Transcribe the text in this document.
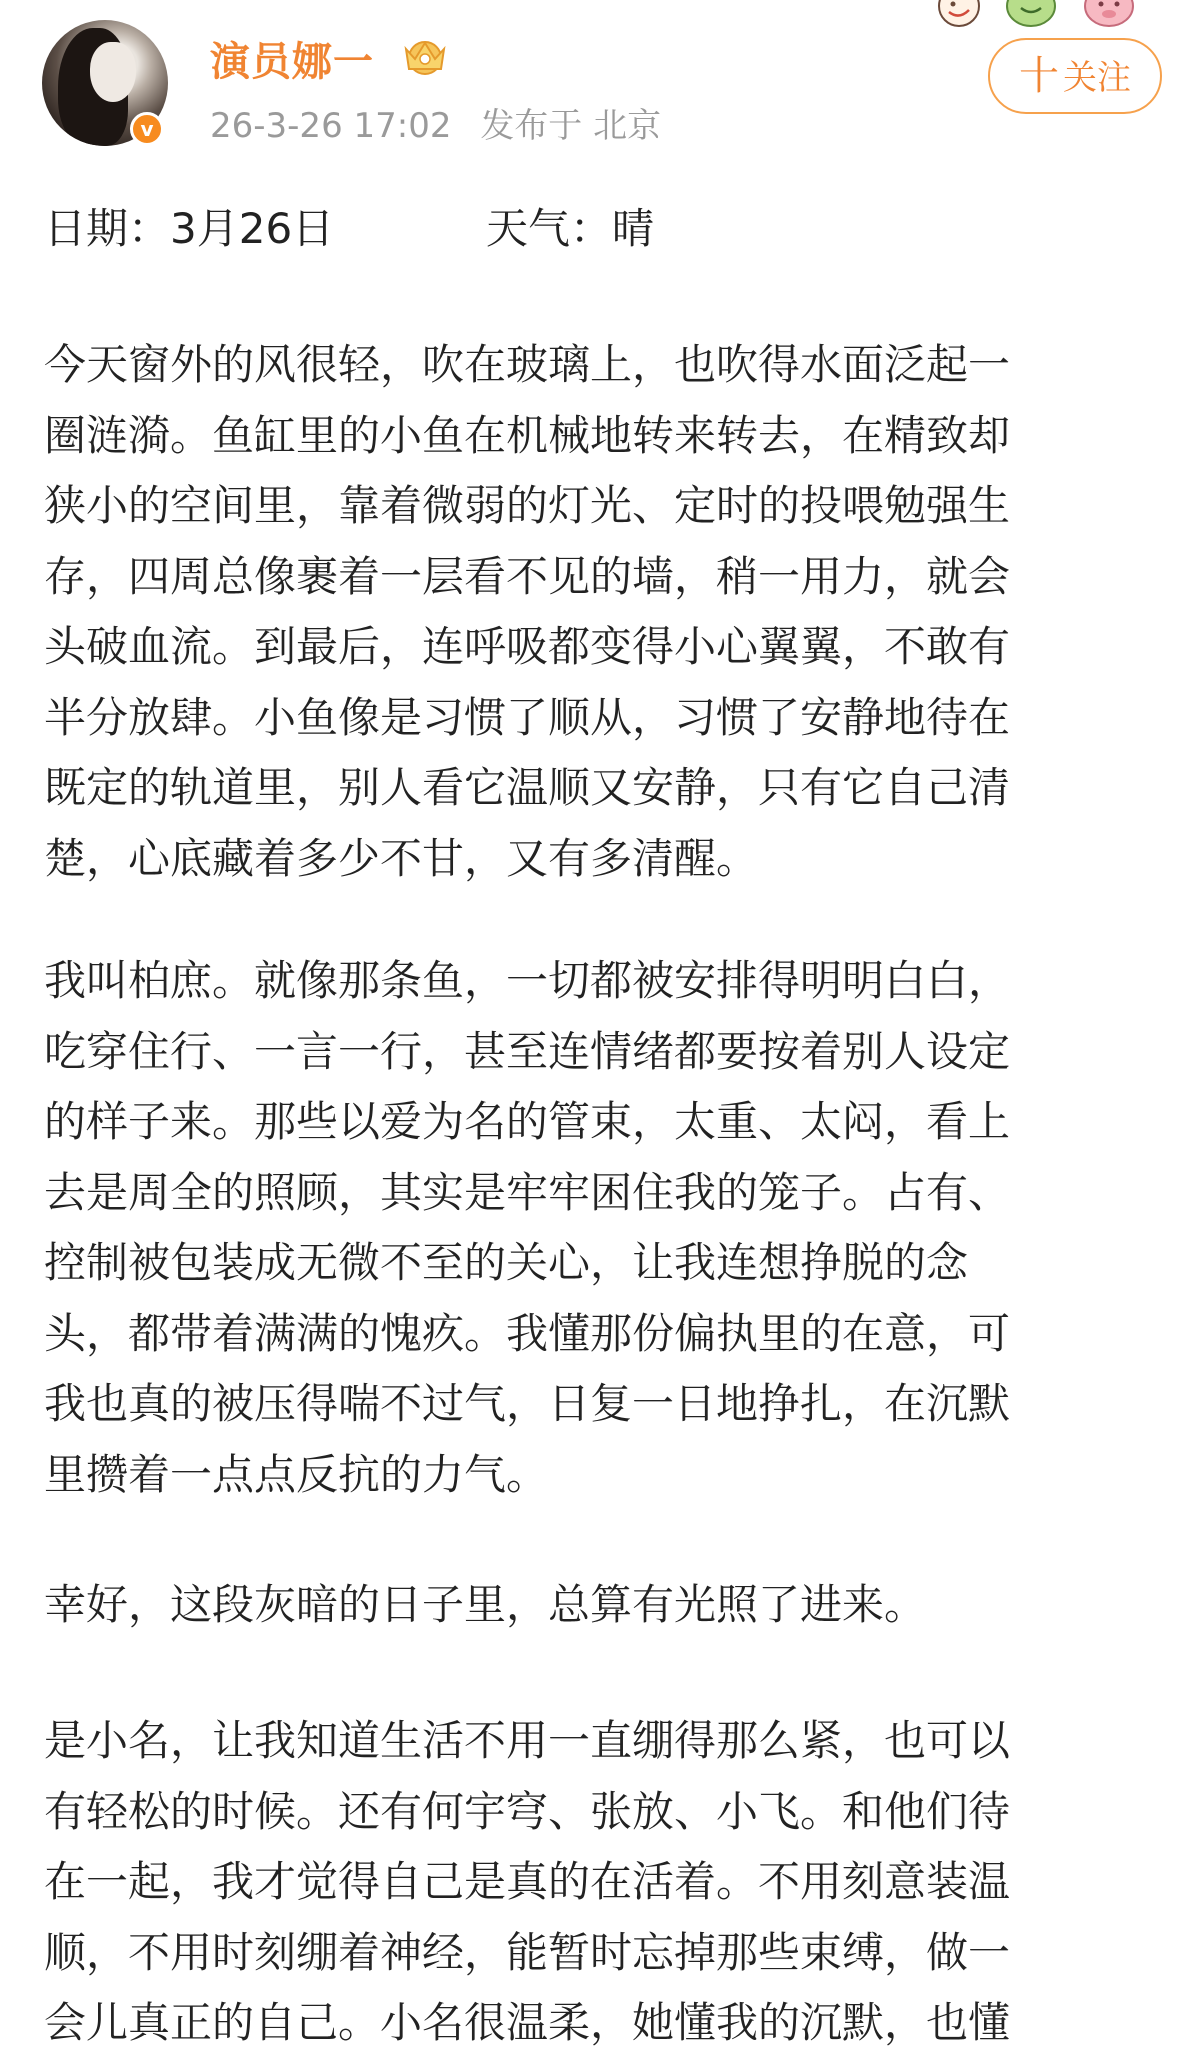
v
演员娜一
26-3-26 17:02 发布于 北京
十 关注
日期：3月26日	天气：晴
今天窗外的风很轻，吹在玻璃上，也吹得水面泛起一
圈涟漪。鱼缸里的小鱼在机械地转来转去，在精致却
狭小的空间里，靠着微弱的灯光、定时的投喂勉强生
存，四周总像裹着一层看不见的墙，稍一用力，就会
头破血流。到最后，连呼吸都变得小心翼翼，不敢有
半分放肆。小鱼像是习惯了顺从，习惯了安静地待在
既定的轨道里，别人看它温顺又安静，只有它自己清
楚，心底藏着多少不甘，又有多清醒。
我叫柏庶。就像那条鱼，一切都被安排得明明白白，
吃穿住行、一言一行，甚至连情绪都要按着别人设定
的样子来。那些以爱为名的管束，太重、太闷，看上
去是周全的照顾，其实是牢牢困住我的笼子。占有、
控制被包装成无微不至的关心，让我连想挣脱的念
头，都带着满满的愧疚。我懂那份偏执里的在意，可
我也真的被压得喘不过气，日复一日地挣扎，在沉默
里攒着一点点反抗的力气。
幸好，这段灰暗的日子里，总算有光照了进来。
是小名，让我知道生活不用一直绷得那么紧，也可以
有轻松的时候。还有何宇穹、张放、小飞。和他们待
在一起，我才觉得自己是真的在活着。不用刻意装温
顺，不用时刻绷着神经，能暂时忘掉那些束缚，做一
会儿真正的自己。小名很温柔，她懂我的沉默，也懂
